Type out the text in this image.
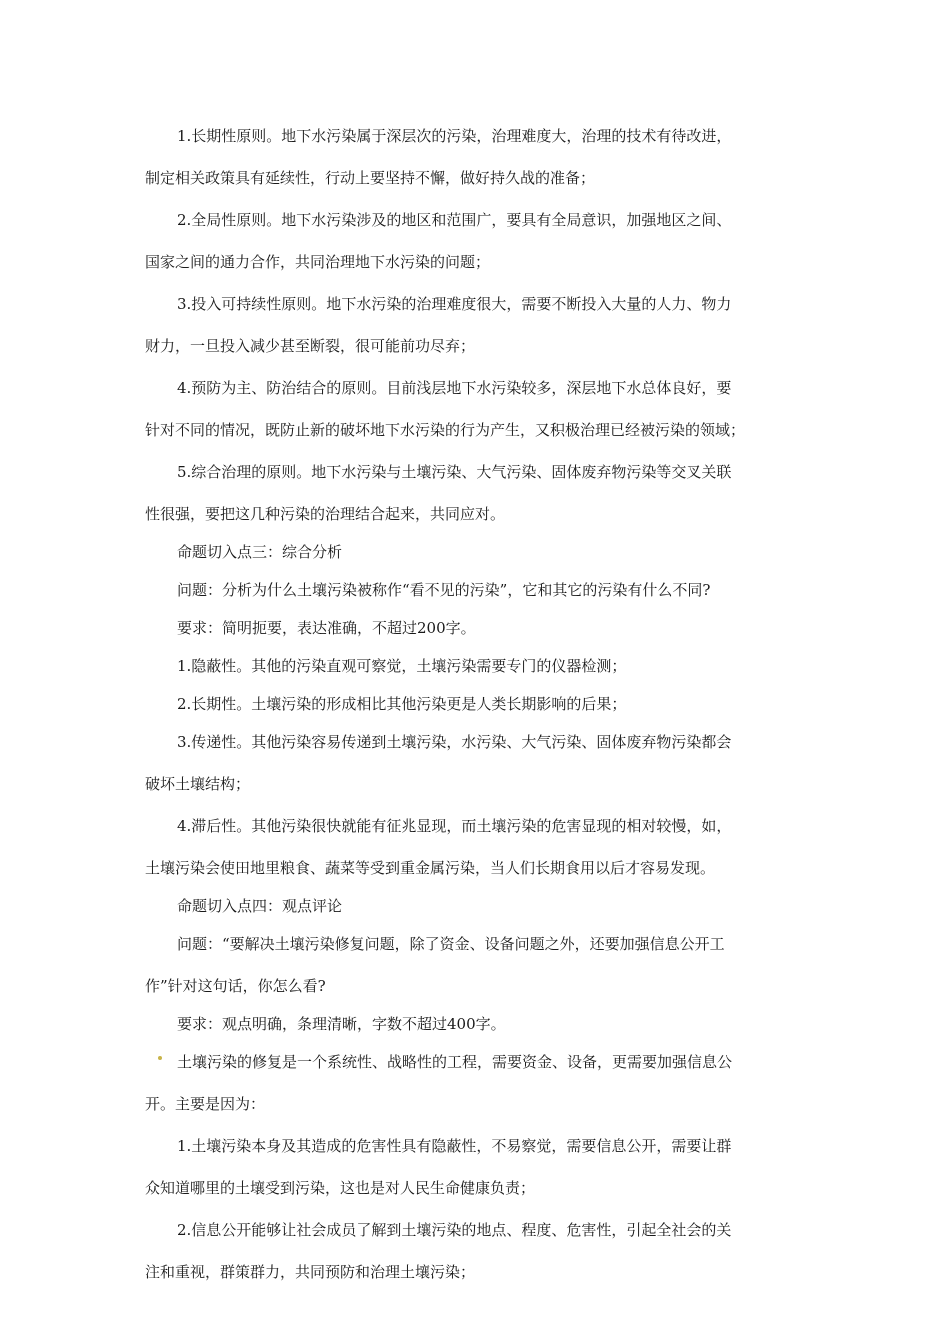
1.长期性原则。地下水污染属于深层次的污染，治理难度大，治理的技术有待改进，
制定相关政策具有延续性，行动上要坚持不懈，做好持久战的准备；
2.全局性原则。地下水污染涉及的地区和范围广，要具有全局意识，加强地区之间、
国家之间的通力合作，共同治理地下水污染的问题；
3.投入可持续性原则。地下水污染的治理难度很大，需要不断投入大量的人力、物力
财力，一旦投入减少甚至断裂，很可能前功尽弃；
4.预防为主、防治结合的原则。目前浅层地下水污染较多，深层地下水总体良好，要
针对不同的情况，既防止新的破坏地下水污染的行为产生，又积极治理已经被污染的领域；
5.综合治理的原则。地下水污染与土壤污染、大气污染、固体废弃物污染等交叉关联
性很强，要把这几种污染的治理结合起来，共同应对。
命题切入点三：综合分析
问题：分析为什么土壤污染被称作“看不见的污染”，它和其它的污染有什么不同?
要求：简明扼要，表达准确，不超过200字。
1.隐蔽性。其他的污染直观可察觉，土壤污染需要专门的仪器检测；
2.长期性。土壤污染的形成相比其他污染更是人类长期影响的后果；
3.传递性。其他污染容易传递到土壤污染，水污染、大气污染、固体废弃物污染都会
破坏土壤结构；
4.滞后性。其他污染很快就能有征兆显现，而土壤污染的危害显现的相对较慢，如，
土壤污染会使田地里粮食、蔬菜等受到重金属污染，当人们长期食用以后才容易发现。
命题切入点四：观点评论
问题：“要解决土壤污染修复问题，除了资金、设备问题之外，还要加强信息公开工
作”针对这句话，你怎么看?
要求：观点明确，条理清晰，字数不超过400字。
土壤污染的修复是一个系统性、战略性的工程，需要资金、设备，更需要加强信息公
开。主要是因为：
1.土壤污染本身及其造成的危害性具有隐蔽性，不易察觉，需要信息公开，需要让群
众知道哪里的土壤受到污染，这也是对人民生命健康负责；
2.信息公开能够让社会成员了解到土壤污染的地点、程度、危害性，引起全社会的关
注和重视，群策群力，共同预防和治理土壤污染；
